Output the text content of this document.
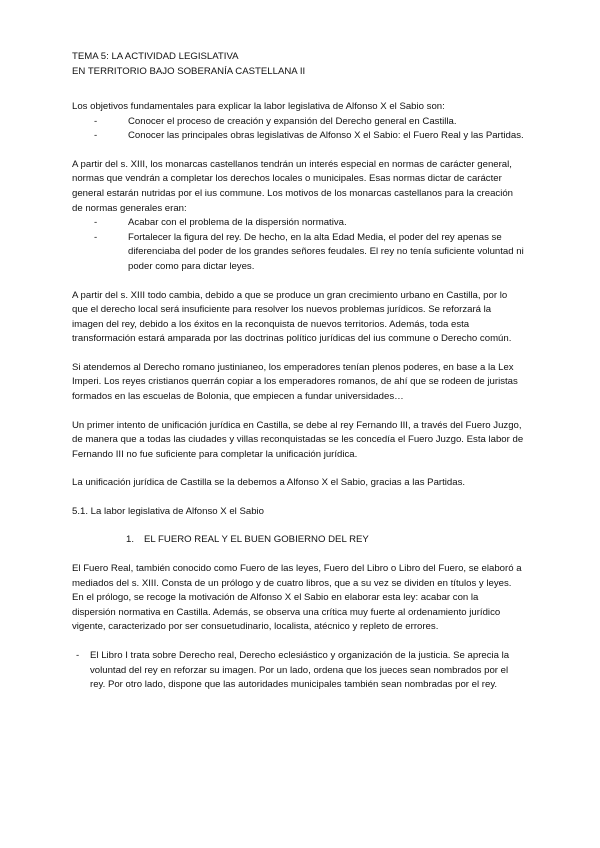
TEMA 5: LA ACTIVIDAD LEGISLATIVA

EN TERRITORIO BAJO SOBERANÍA CASTELLANA II

Los objetivos fundamentales para explicar la labor legislativa de Alfonso X el Sabio son:

-	Conocer el proceso de creación y expansión del Derecho general en Castilla.
-	Conocer las principales obras legislativas de Alfonso X el Sabio: el Fuero Real y las Partidas.

A partir del s. XIII, los monarcas castellanos tendrán un interés especial en normas de carácter general, normas que vendrán a completar los derechos locales o municipales. Esas normas dictar de carácter general estarán nutridas por el ius commune. Los motivos de los monarcas castellanos para la creación de normas generales eran:

-	Acabar con el problema de la dispersión normativa.
-	Fortalecer la figura del rey. De hecho, en la alta Edad Media, el poder del rey apenas se diferenciaba del poder de los grandes señores feudales. El rey no tenía suficiente voluntad ni poder como para dictar leyes.

A partir del s. XIII todo cambia, debido a que se produce un gran crecimiento urbano en Castilla, por lo que el derecho local será insuficiente para resolver los nuevos problemas jurídicos. Se reforzará la imagen del rey, debido a los éxitos en la reconquista de nuevos territorios. Además, toda esta transformación estará amparada por las doctrinas político jurídicas del ius commune o Derecho común.

Si atendemos al Derecho romano justinianeo, los emperadores tenían plenos poderes, en base a la Lex Imperi. Los reyes cristianos querrán copiar a los emperadores romanos, de ahí que se rodeen de juristas formados en las escuelas de Bolonia, que empiecen a fundar universidades…

Un primer intento de unificación jurídica en Castilla, se debe al rey Fernando III, a través del Fuero Juzgo, de manera que a todas las ciudades y villas reconquistadas se les concedía el Fuero Juzgo. Esta labor de Fernando III no fue suficiente para completar la unificación jurídica.

La unificación jurídica de Castilla se la debemos a Alfonso X el Sabio, gracias a las Partidas.

5.1. La labor legislativa de Alfonso X el Sabio

1. EL FUERO REAL Y EL BUEN GOBIERNO DEL REY

El Fuero Real, también conocido como Fuero de las leyes, Fuero del Libro o Libro del Fuero, se elaboró a mediados del s. XIII. Consta de un prólogo y de cuatro libros, que a su vez se dividen en títulos y leyes. En el prólogo, se recoge la motivación de Alfonso X el Sabio en elaborar esta ley: acabar con la dispersión normativa en Castilla. Además, se observa una crítica muy fuerte al ordenamiento jurídico vigente, caracterizado por ser consuetudinario, localista, atécnico y repleto de errores.

- El Libro I trata sobre Derecho real, Derecho eclesiástico y organización de la justicia. Se aprecia la voluntad del rey en reforzar su imagen. Por un lado, ordena que los jueces sean nombrados por el rey. Por otro lado, dispone que las autoridades municipales también sean nombradas por el rey.
